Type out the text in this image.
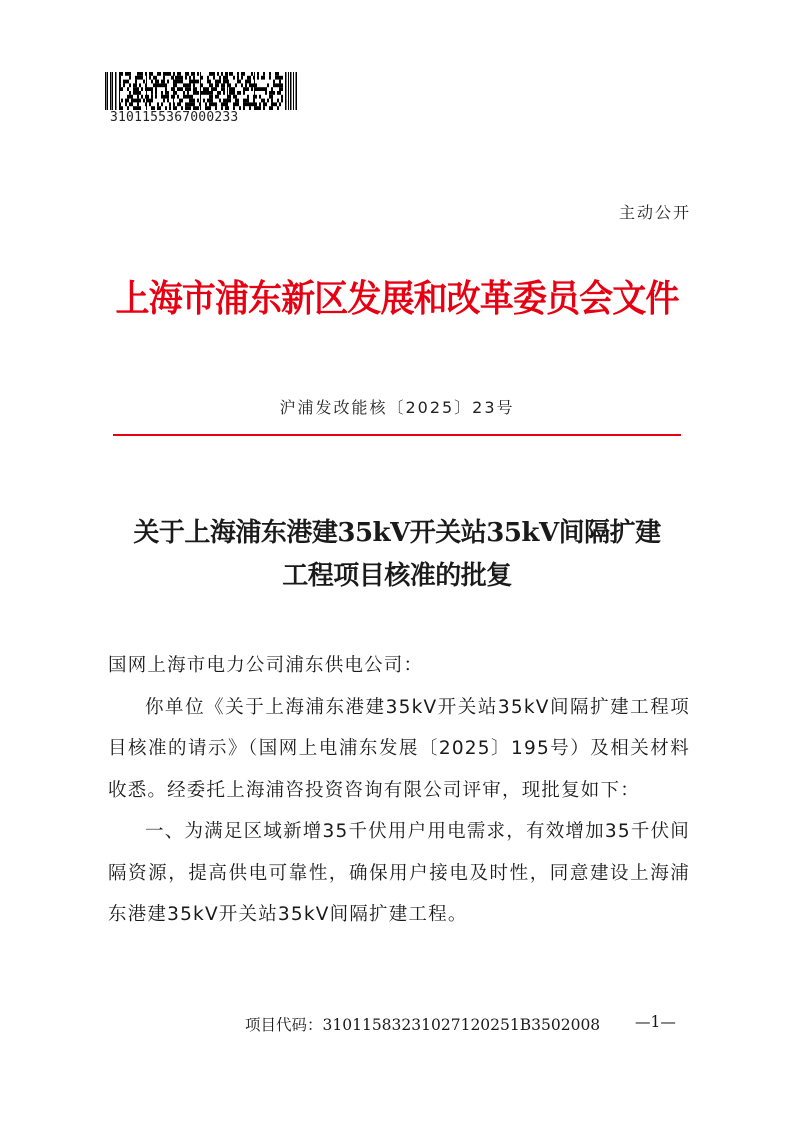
3101155367000233
主动公开
上海市浦东新区发展和改革委员会文件
沪浦发改能核〔2025〕23号
关于上海浦东港建35kV开关站35kV间隔扩建
工程项目核准的批复

国网上海市电力公司浦东供电公司：

你单位《关于上海浦东港建35kV开关站35kV间隔扩建工程项目核准的请示》（国网上电浦东发展〔2025〕195号）及相关材料收悉。经委托上海浦咨投资咨询有限公司评审，现批复如下：

一、为满足区域新增35千伏用户用电需求，有效增加35千伏间隔资源，提高供电可靠性，确保用户接电及时性，同意建设上海浦东港建35kV开关站35kV间隔扩建工程。

项目代码：31011583231027120251B3502008 —1—
